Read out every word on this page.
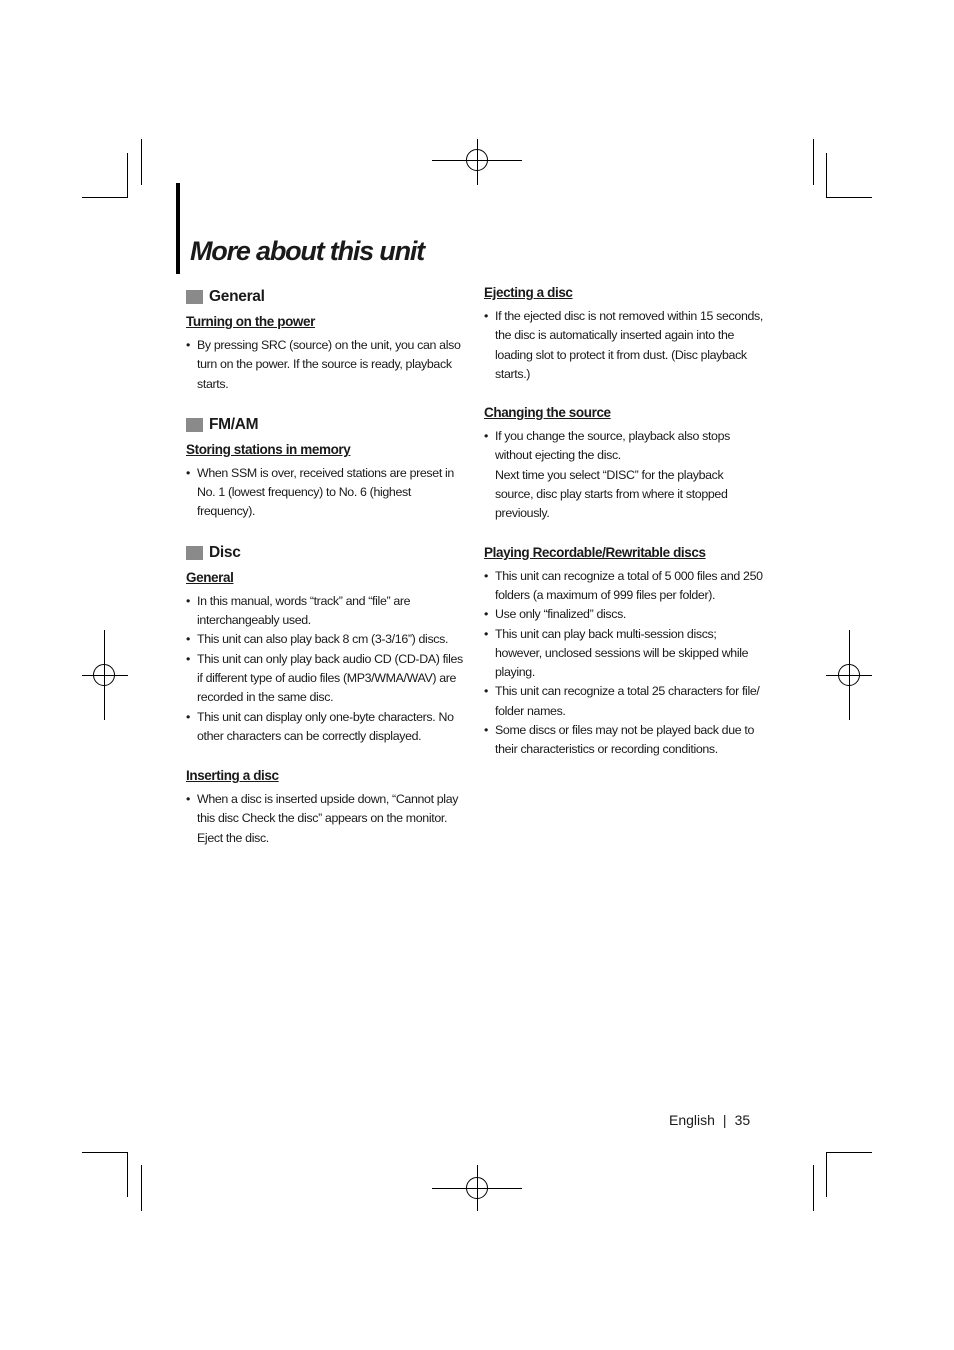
More about this unit
General
Turning on the power
• By pressing SRC (source) on the unit, you can also turn on the power. If the source is ready, playback starts.
FM/AM
Storing stations in memory
• When SSM is over, received stations are preset in No. 1 (lowest frequency) to No. 6 (highest frequency).
Disc
General
• In this manual, words “track” and “file” are interchangeably used.
• This unit can also play back 8 cm (3-3/16”) discs.
• This unit can only play back audio CD (CD-DA) files if different type of audio files (MP3/WMA/WAV) are recorded in the same disc.
• This unit can display only one-byte characters. No other characters can be correctly displayed.
Inserting a disc
• When a disc is inserted upside down, “Cannot play this disc Check the disc” appears on the monitor. Eject the disc.
Ejecting a disc
• If the ejected disc is not removed within 15 seconds, the disc is automatically inserted again into the loading slot to protect it from dust. (Disc playback starts.)
Changing the source
• If you change the source, playback also stops without ejecting the disc.
Next time you select “DISC” for the playback source, disc play starts from where it stopped previously.
Playing Recordable/Rewritable discs
• This unit can recognize a total of 5 000 files and 250 folders (a maximum of 999 files per folder).
• Use only “finalized” discs.
• This unit can play back multi-session discs; however, unclosed sessions will be skipped while playing.
• This unit can recognize a total 25 characters for file/ folder names.
• Some discs or files may not be played back due to their characteristics or recording conditions.
English | 35
